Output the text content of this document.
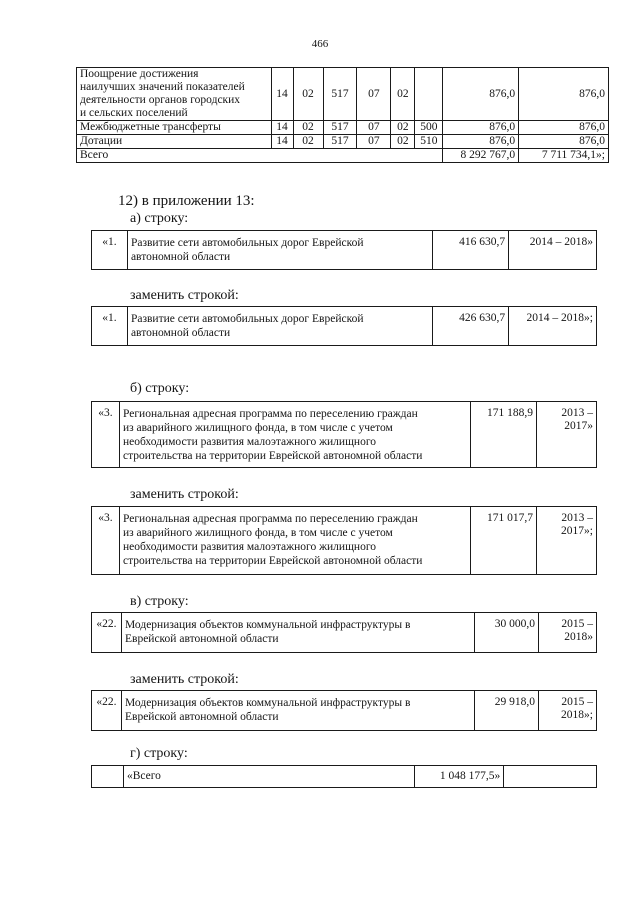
466
Поощрение достижения
наилучших значений показателей
деятельности органов городских
и сельских поселений	14	02	517	07	02		876,0	876,0
Межбюджетные трансферты	14	02	517	07	02	500	876,0	876,0
Дотации	14	02	517	07	02	510	876,0	876,0
Всего							8 292 767,0	7 711 734,1»;
12) в приложении 13:
а) строку:
«1.	Развитие сети автомобильных дорог Еврейской
автономной области
	416 630,7	2014 – 2018»
заменить строкой:
«1.	Развитие сети автомобильных дорог Еврейской
автономной области
	426 630,7	2014 – 2018»;
б) строку:
«3.	Региональная адресная программа по переселению граждан
из аварийного жилищного фонда, в том числе с учетом
необходимости развития малоэтажного жилищного
строительства на территории Еврейской автономной области
	171 188,9	2013 –
2017»
заменить строкой:
«3.	Региональная адресная программа по переселению граждан
из аварийного жилищного фонда, в том числе с учетом
необходимости развития малоэтажного жилищного
строительства на территории Еврейской автономной области
	171 017,7	2013 –
2017»;
в) строку:
«22.	Модернизация объектов коммунальной инфраструктуры в
Еврейской автономной области
	30 000,0	2015 –
2018»
заменить строкой:
«22.	Модернизация объектов коммунальной инфраструктуры в
Еврейской автономной области
	29 918,0	2015 –
2018»;
г) строку:
	«Всего	1 048 177,5»	
